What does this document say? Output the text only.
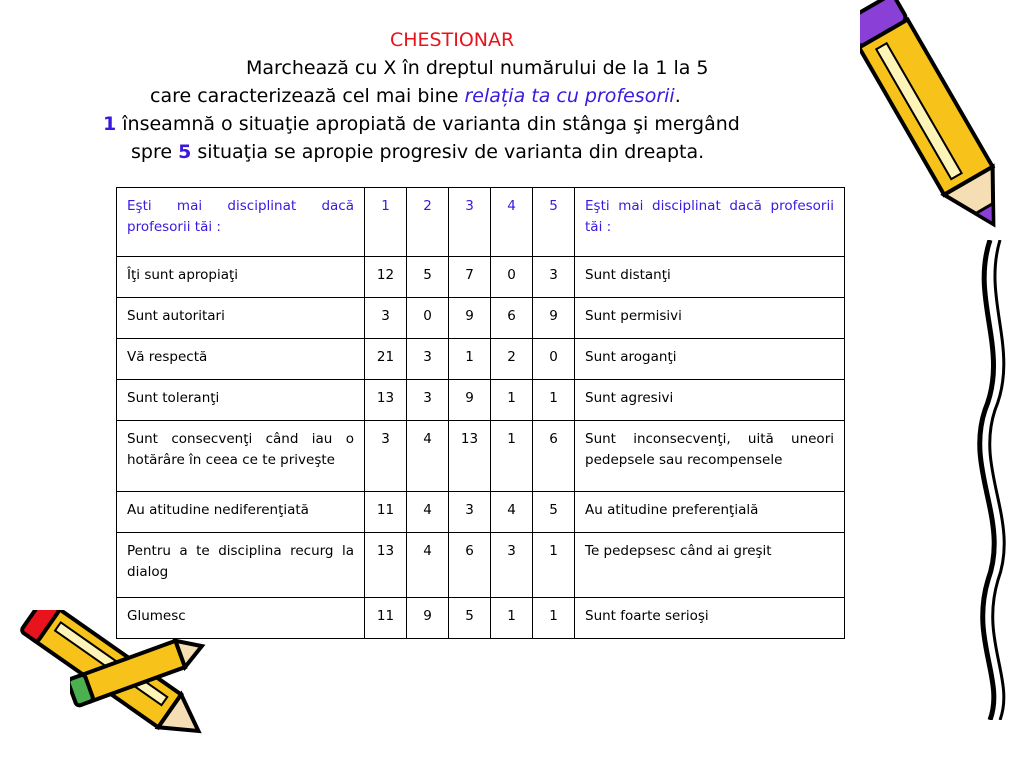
CHESTIONAR
Marchează cu X în dreptul numărului de la 1 la 5
care caracterizează cel mai bine relația ta cu profesorii.
1 înseamnă o situaţie apropiată de varianta din stânga şi mergând
spre 5 situaţia se apropie progresiv de varianta din dreapta.
Eşti mai disciplinat dacă profesorii tăi :	1	2	3	4	5	Eşti mai disciplinat dacă profesorii tăi :
Îţi sunt apropiaţi	12	5	7	0	3	Sunt distanţi
Sunt autoritari	3	0	9	6	9	Sunt permisivi
Vă respectă	21	3	1	2	0	Sunt aroganţi
Sunt toleranţi	13	3	9	1	1	Sunt agresivi
Sunt consecvenţi când iau o hotărâre în ceea ce te priveşte	3	4	13	1	6	Sunt inconsecvenţi, uită uneori pedepsele sau recompensele
Au atitudine nediferenţiată	11	4	3	4	5	Au atitudine preferenţială
Pentru a te disciplina recurg la dialog	13	4	6	3	1	Te pedepsesc când ai greşit
Glumesc	11	9	5	1	1	Sunt foarte serioşi
